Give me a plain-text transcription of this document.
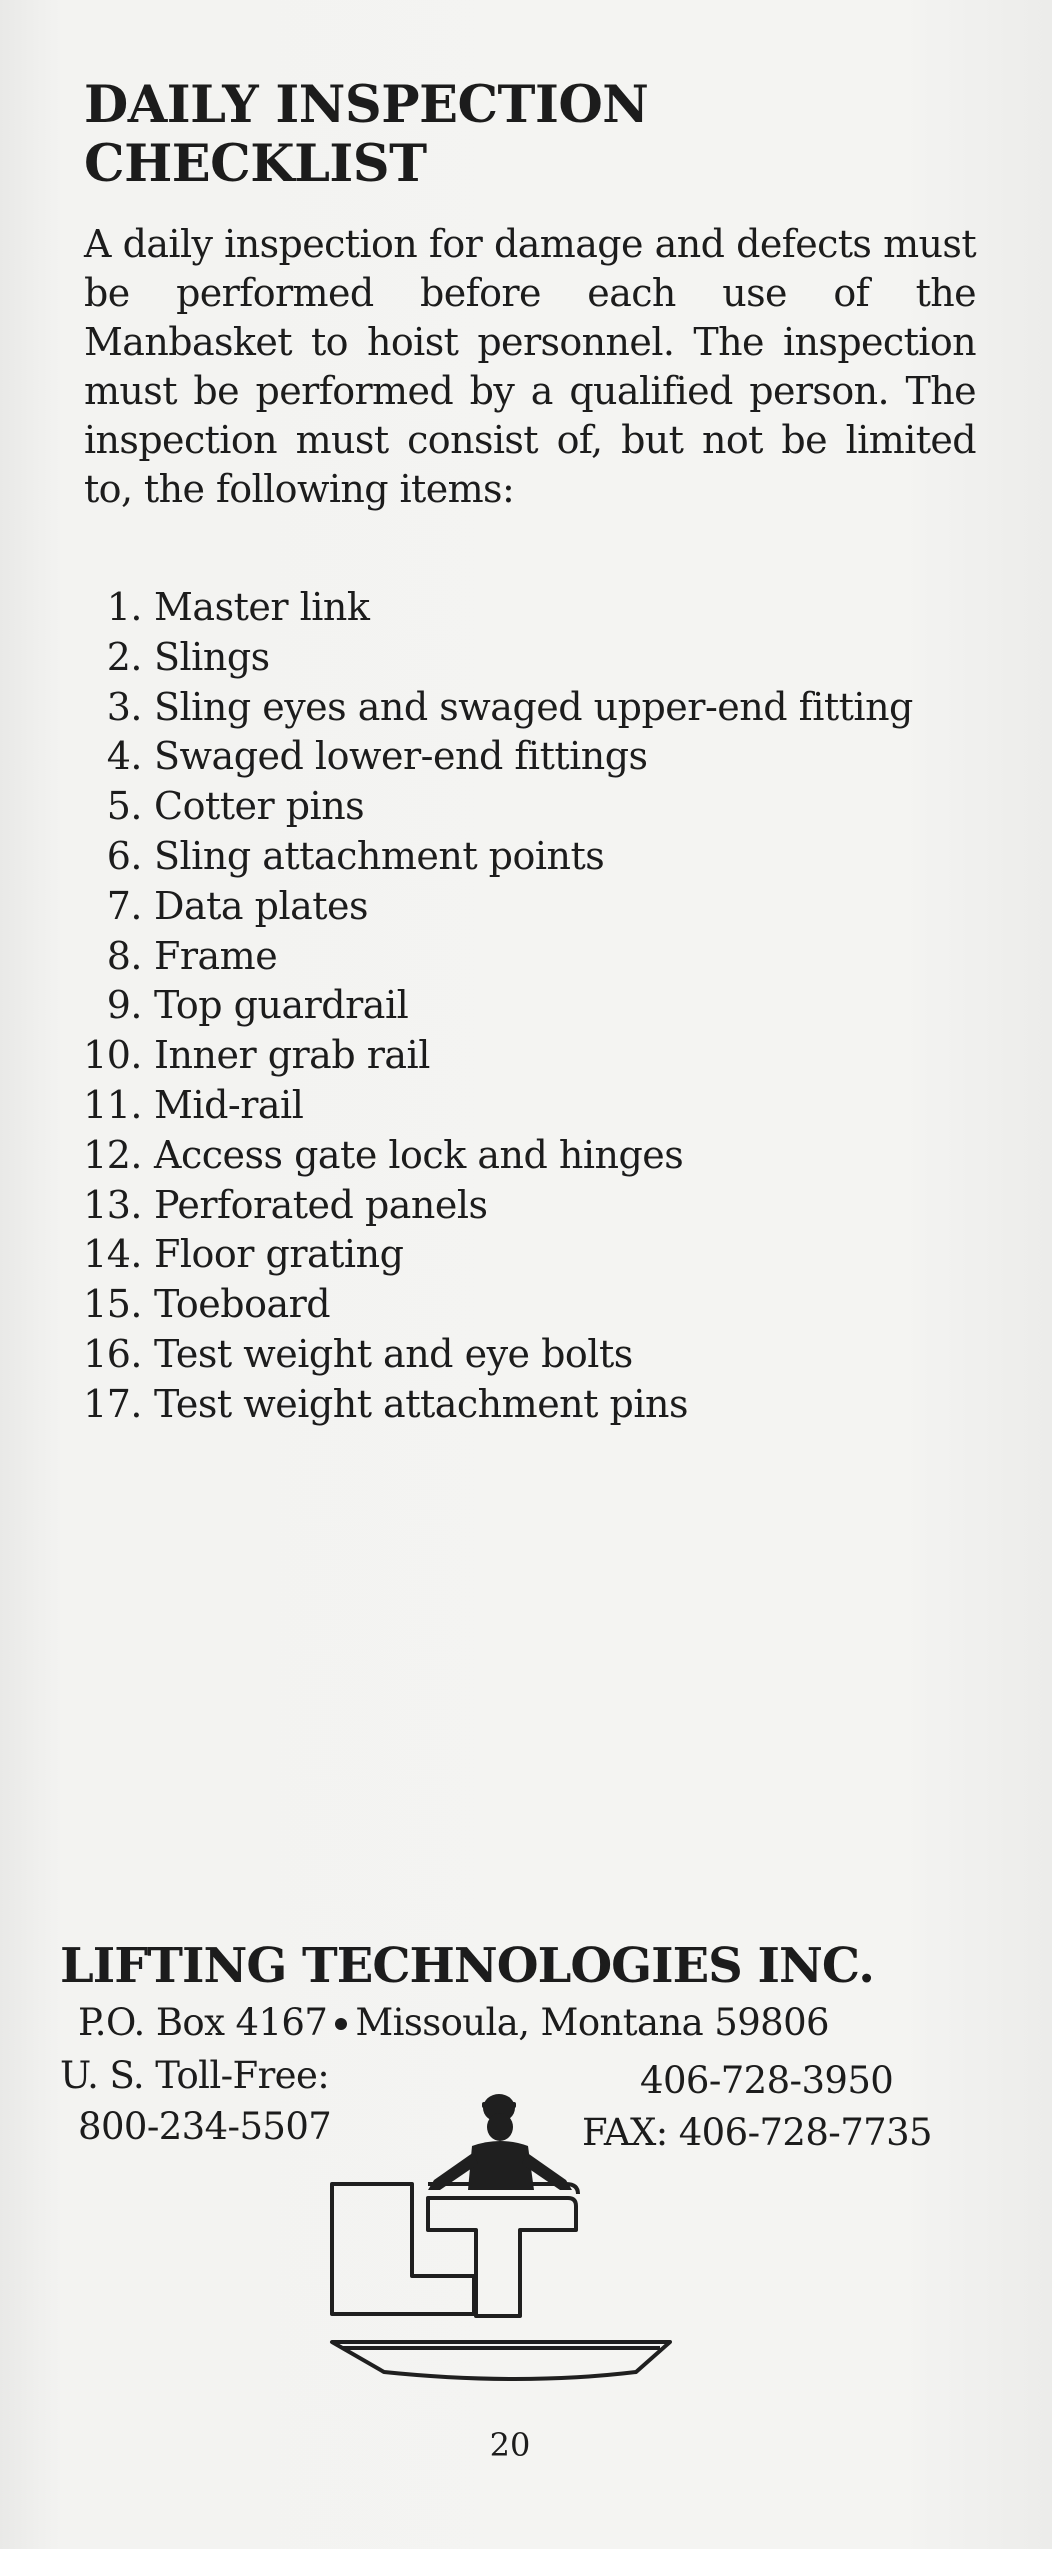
DAILY INSPECTION
CHECKLIST

A daily inspection for damage and defects must be performed before each use of the Manbasket to hoist personnel. The inspection must be performed by a qualified person. The inspection must consist of, but not be limited to, the following items:

1. Master link
2. Slings
3. Sling eyes and swaged upper-end fitting
4. Swaged lower-end fittings
5. Cotter pins
6. Sling attachment points
7. Data plates
8. Frame
9. Top guardrail
10. Inner grab rail
11. Mid-rail
12. Access gate lock and hinges
13. Perforated panels
14. Floor grating
15. Toeboard
16. Test weight and eye bolts
17. Test weight attachment pins
LIFTING TECHNOLOGIES INC.
P.O. Box 4167 Missoula, Montana 59806
U. S. Toll-Free:
800-234-5507
406-728-3950
FAX: 406-728-7735
20
